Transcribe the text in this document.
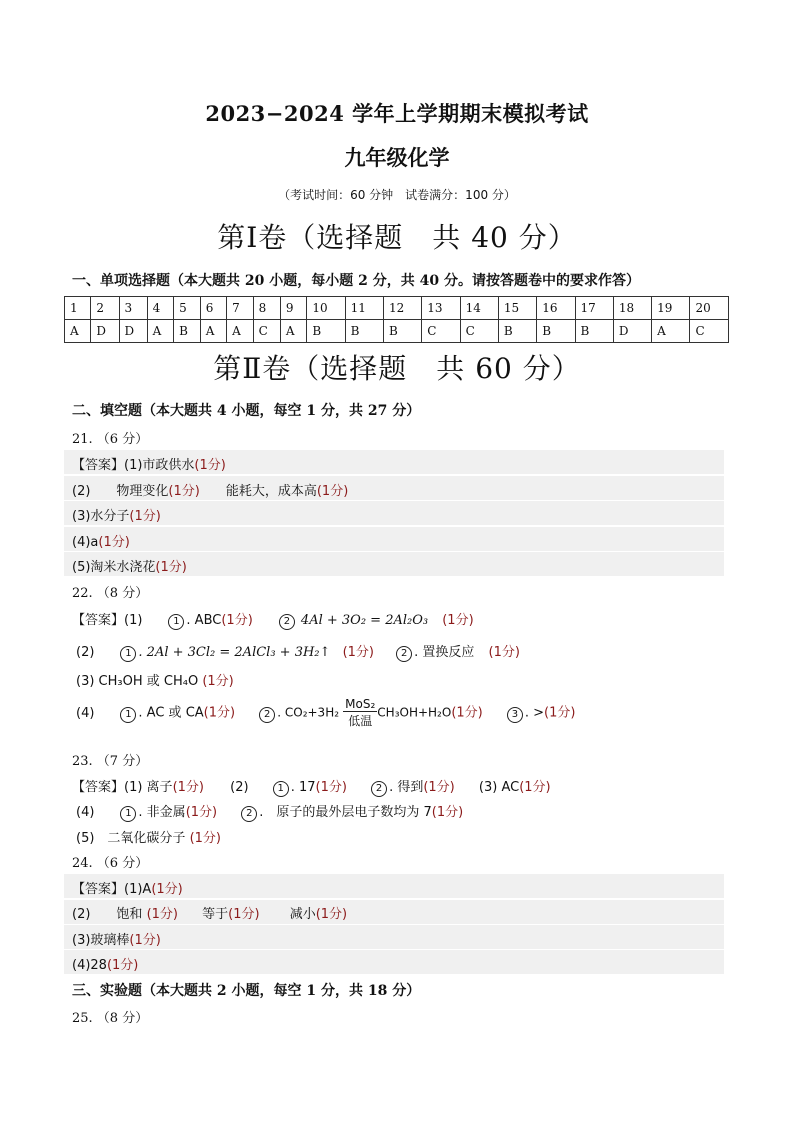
2023−2024 学年上学期期末模拟考试
九年级化学
（考试时间：60 分钟　试卷满分：100 分）
第Ⅰ卷（选择题　共 40 分）
一、单项选择题（本大题共 20 小题，每小题 2 分，共 40 分。请按答题卷中的要求作答）
1	2	3	4	5	6	7	8	9	10	11	12	13	14	15	16	17	18	19	20
A	D	D	A	B	A	A	C	A	B	B	B	C	C	B	B	B	D	A	C
第Ⅱ卷（选择题　共 60 分）
二、填空题（本大题共 4 小题，每空 1 分，共 27 分）
21. （6 分）
【答案】(1)市政供水(1分)
(2)　　物理变化(1分)　　能耗大，成本高(1分)
(3)水分子(1分)
(4)a(1分)
(5)淘米水浇花(1分)
22. （8 分）
【答案】(1)　　1 . ABC(1分)	2 4Al + 3O₂ = 2Al₂O₃ (1分)
(2)　　1 . 2Al + 3Cl₂ = 2AlCl₃ + 3H₂↑ (1分)	2 . 置换反应 (1分)
(3) CH₃OH 或 CH₄O (1分)
(4)　　1 . AC 或 CA(1分)	2 . $CO_2+3H_2 \frac{\text{MoS₂}}{\text{低温}} CH_3OH+H_2O(1$分)	3 . >(1分)
23. （7 分）
【答案】(1) 离子(1分) (2)	1 . 17(1分)	2 . 得到(1分) (3) AC(1分)
(4)　　1 . 非金属(1分)	2 .　原子的最外层电子数均为 7(1分)
(5)　二氧化碳分子 (1分)
24. （6 分）
【答案】(1)A(1分)
(2)　　饱和 (1分) 等于(1分) 减小(1分)
(3)玻璃棒(1分)
(4)28(1分)
三、实验题（本大题共 2 小题，每空 1 分，共 18 分）
25. （8 分）
